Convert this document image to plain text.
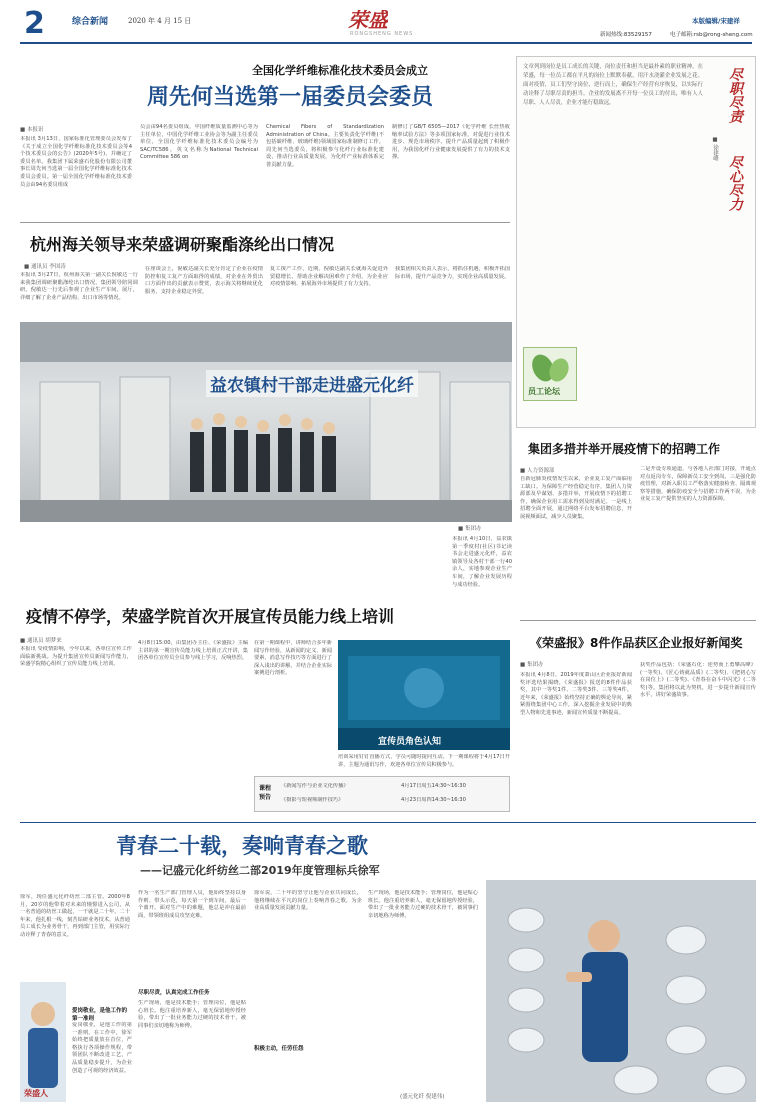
2	综合新闻	2020 年 4 月 15 日	荣盛
RONGSHENG NEWS
本版编辑/宋建祥
新闻热线:83529157	电子邮箱:rsb@rong-sheng.com
全国化学纤维标准化技术委员会成立
周先何当选第一届委员会委员
■ 本报讯
本报讯 3月13日，国家标准化管理委员会发布了《关于成立全国化学纤维标准化技术委员会等4个技术委员会的公告》(2020年5号)，并确定了委员名单。我集团下属荣盛石化股份有限公司董事长周先何当选第一届全国化学纤维标准化技术委员会委员。第一届全国化学纤维标准化技术委员会由94名委员组成
员会由94名委员组成，中国纤维质量监测中心等为主任单位，中国化学纤维工业协会等为副主任委员单位，全国化学纤维标准化技术委员会编号为SAC/TC586，英文名称为National Technical Committee 586 on
Chemical Fibers of Standardization Administration of China。主要负责化学纤维(不包括碳纤维、玻璃纤维)领域国家标准制修订工作。周先何当选委员，将积极参与化纤行业标准化建设，推动行业高质量发展，为化纤产业标准体系完善贡献力量。
制修订了GB/T 6505—2017《化学纤维 长丝热收缩率试验方法》等多项国家标准，对促进行业技术进步、规范市场秩序、提升产品质量起到了积极作用，为我国化纤行业健康发展提供了有力的技术支撑。
文章列到岗位是员工成长的关键，岗位责任和担当是最朴素的职业精神。在荣盛，每一位员工都在平凡的岗位上默默奉献，用汗水浇灌企业发展之花。面对疫情，员工们坚守岗位、逆行而上，确保生产经营有序恢复，以实际行动诠释了尽职尽责的担当。企业的发展离不开每一位员工的付出，唯有人人尽职、人人尽责，企业才能行稳致远。	尽职尽责
尽心尽力
■ 徐建峰
员工论坛
杭州海关领导来荣盛调研聚酯涤纶出口情况
■ 通讯员 李国涛
本报讯 3月27日，杭州海关第一副关长倪敏达一行来我集团调研聚酯涤纶出口情况，集团领导陪同调研。倪敏达一行先后参观了企业生产车间、展厅，详细了解了企业产品结构、出口市场等情况。
在座谈会上，倪敏达副关长充分肯定了企业在疫情防控和复工复产方面取得的成绩，对企业在外贸出口方面作出的贡献表示赞赏，表示海关将继续优化服务，支持企业稳定外贸。
复工復产工作，近期，倪敏达副关长就海关促进外贸稳增长、帮助企业解决困难作了介绍，为企业应对疫情影响、拓展海外市场提供了有力支持。
我集团相关负责人表示，将抓住机遇，积极开拓国际市场，提升产品竞争力，实现企业高质量发展。
益农镇村干部走进盛元化纤
■ 集团办
本报讯 4月10日，益农镇第一季度村(社区)书记读书会走进盛元化纤，益农镇领导及各村干部一行40余人，实地参观企业生产车间，了解企业发展历程与成功经验。
集团多措并举开展疫情下的招聘工作
■ 人力资源部
自新冠肺炎疫情发生以来，企业复工复产面临用工缺口。为保障生产经营稳定有序，集团人力资源部及早谋划、多措并举，开展疫情下的招聘工作，确保企业用工需求得到及时满足。一是线上招聘全面开展，通过网络平台发布招聘信息，开展视频面试，减少人员聚集。
二是开设专项通道，与各地人社部门对接，开通点对点返岗专车，保障新员工安全到岗。三是强化防疫管理，对新入职员工严格落实健康检查、隔离观察等措施，确保防疫安全与招聘工作两不误，为企业复工复产提供坚实的人力资源保障。
疫情不停学，荣盛学院首次开展宣传员能力线上培训
■ 通讯员 胡梦来
本报讯 受疫情影响，今年以来，各单位宣传工作面临新挑战。为提升集团宣传员新闻写作能力，荣盛学院精心组织了宣传员能力线上培训。
4月8日15:00，由集团办主任、《荣盛报》主编主讲的第一期宣传员能力线上培训正式开讲，集团各单位宣传员全员参与线上学习，反响热烈。
在第一期课程中，讲师结合多年新闻写作经验，从新闻的定义、新闻要素、消息写作技巧等方面进行了深入浅出的讲解，并结合企业实际案例进行剖析。
宣传员角色认知
培训采用钉钉直播方式，学员可随时提问互动。下一期课程将于4月17日开讲，主题为通讯写作，欢迎各单位宣传员积极参与。
课程预告
《新闻写作与企业文化传播》	4月17日周五14:30~16:30
《摄影与短视频制作技巧》	4月23日周四14:30~16:30
《荣盛报》8件作品获区企业报好新闻奖
■ 集团办
本报讯 4月8日，2019年度萧山区企业报好新闻奖评选结果揭晓，《荣盛报》报送的8件作品获奖，其中一等奖1件、二等奖3件、三等奖4件。近年来，《荣盛报》始终坚持正确的舆论导向，紧紧围绕集团中心工作，深入挖掘企业发展中的典型人物和先进事迹，新闻宣传质量不断提高。
获奖作品包括：《荣盛石化：逆势而上勇攀高峰》(一等奖)、《匠心铸就品质》(二等奖)、《把初心写在岗位上》(二等奖)、《青春在奋斗中闪光》(二等奖)等。集团将以此为契机，进一步提升新闻宣传水平，讲好荣盛故事。
青春二十载，奏响青春之歌
——记盛元化纤纺丝二部2019年度管理标兵徐军
荣盛人
徐军，现任盛元化纤纺丝二部主管。2000年8月，20岁的他带着对未来的憧憬进入公司，从一名普通的纺丝工做起，一干就是二十年。二十年来，他扎根一线，刻苦钻研业务技术，从普通员工成长为业务骨干，再到部门主管，用实际行动诠释了青春的意义。
爱岗敬业，是他工作的第一准则
爱岗敬业，是他工作的第一准则。在工作中，徐军始终把质量放在首位，严格执行各项操作规程，带领团队不断改进工艺，产品质量稳步提升，为企业创造了可观的经济效益。
作为一名生产部门管理人员，他始终坚持以身作则、带头示范，每天第一个到车间，最后一个离开。面对生产中的难题，他总是冲在最前面，带领班组成员攻坚克难。
尽职尽责，认真完成工作任务
生产现场，他是技术能手；管理岗位，他是贴心班长。他注重培养新人，毫无保留地传授经验，带出了一批业务能力过硬的技术骨干，被同事们亲切地称为师傅。
徐军说，二十年的坚守让他与企业共同成长，他将继续在平凡的岗位上奏响青春之歌，为企业高质量发展贡献力量。
积极主动，任劳任怨
生产现场，他是技术能手；管理岗位，他是贴心班长。他注重培养新人，毫无保留地传授经验，带出了一批业务能力过硬的技术骨干，被同事们亲切地称为师傅。
(盛元化纤 倪建伟)
